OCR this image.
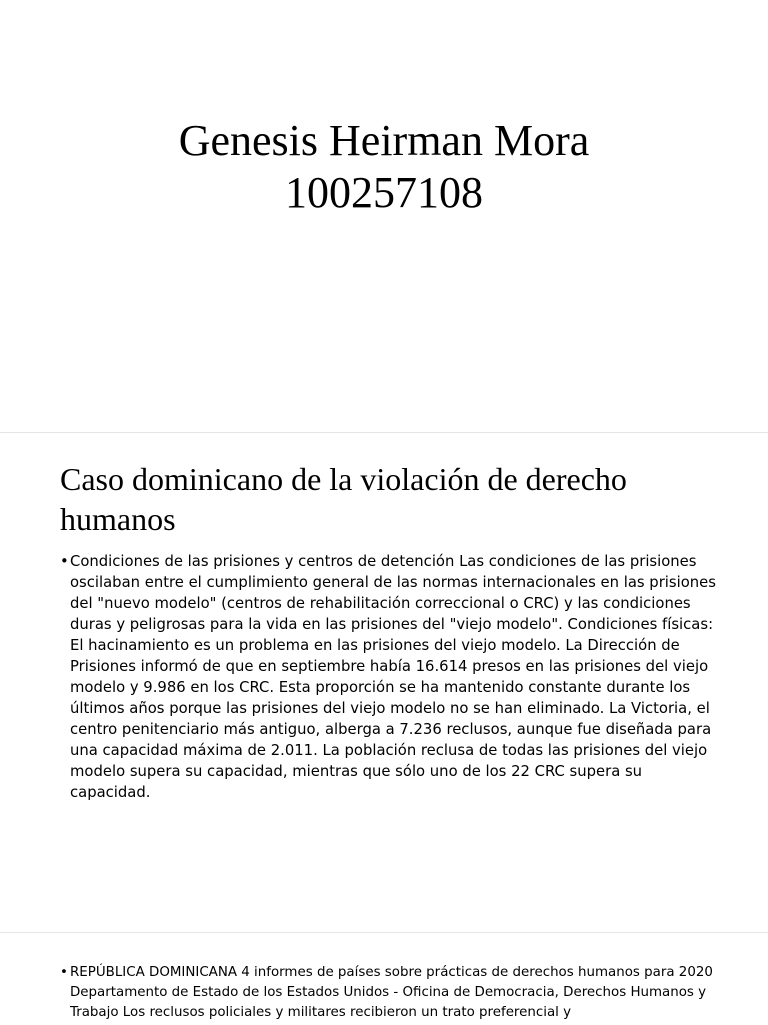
Genesis Heirman Mora
100257108
Caso dominicano de la violación de derecho humanos
• Condiciones de las prisiones y centros de detención Las condiciones de las prisiones oscilaban entre el cumplimiento general de las normas internacionales en las prisiones del "nuevo modelo" (centros de rehabilitación correccional o CRC) y las condiciones duras y peligrosas para la vida en las prisiones del "viejo modelo". Condiciones físicas: El hacinamiento es un problema en las prisiones del viejo modelo. La Dirección de Prisiones informó de que en septiembre había 16.614 presos en las prisiones del viejo modelo y 9.986 en los CRC. Esta proporción se ha mantenido constante durante los últimos años porque las prisiones del viejo modelo no se han eliminado. La Victoria, el centro penitenciario más antiguo, alberga a 7.236 reclusos, aunque fue diseñada para una capacidad máxima de 2.011. La población reclusa de todas las prisiones del viejo modelo supera su capacidad, mientras que sólo uno de los 22 CRC supera su capacidad.
• REPÚBLICA DOMINICANA 4 informes de países sobre prácticas de derechos humanos para 2020 Departamento de Estado de los Estados Unidos - Oficina de Democracia, Derechos Humanos y Trabajo Los reclusos policiales y militares recibieron un trato preferencial y
